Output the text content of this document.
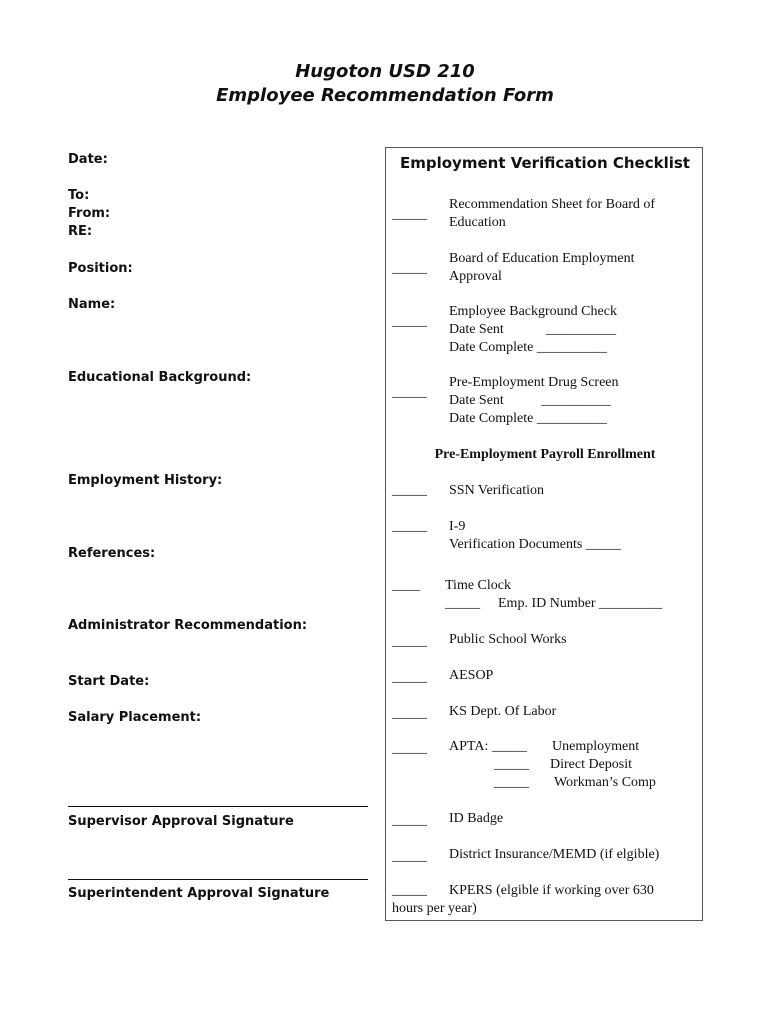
Hugoton USD 210
Employee Recommendation Form
Date:
To:
From:
RE:
Position:
Name:
Educational Background:
Employment History:
References:
Administrator Recommendation:
Start Date:
Salary Placement:
Supervisor Approval Signature
Superintendent Approval Signature
Employment Verification Checklist
_____
Recommendation Sheet for Board of
Education
_____
Board of Education Employment
Approval
_____
Employee Background Check
Date Sent	__________
Date Complete __________
_____
Pre-Employment Drug Screen
Date Sent	__________
Date Complete __________
Pre-Employment Payroll Enrollment
_____ SSN Verification
_____ I-9
Verification Documents _____
____ Time Clock
_____ Emp. ID Number _________
_____ Public School Works
_____ AESOP
_____ KS Dept. Of Labor
_____ APTA: _____ Unemployment
_____ Direct Deposit
_____ Workman’s Comp
_____ ID Badge
_____ District Insurance/MEMD (if elgible)
_____ KPERS (elgible if working over 630
hours per year)
